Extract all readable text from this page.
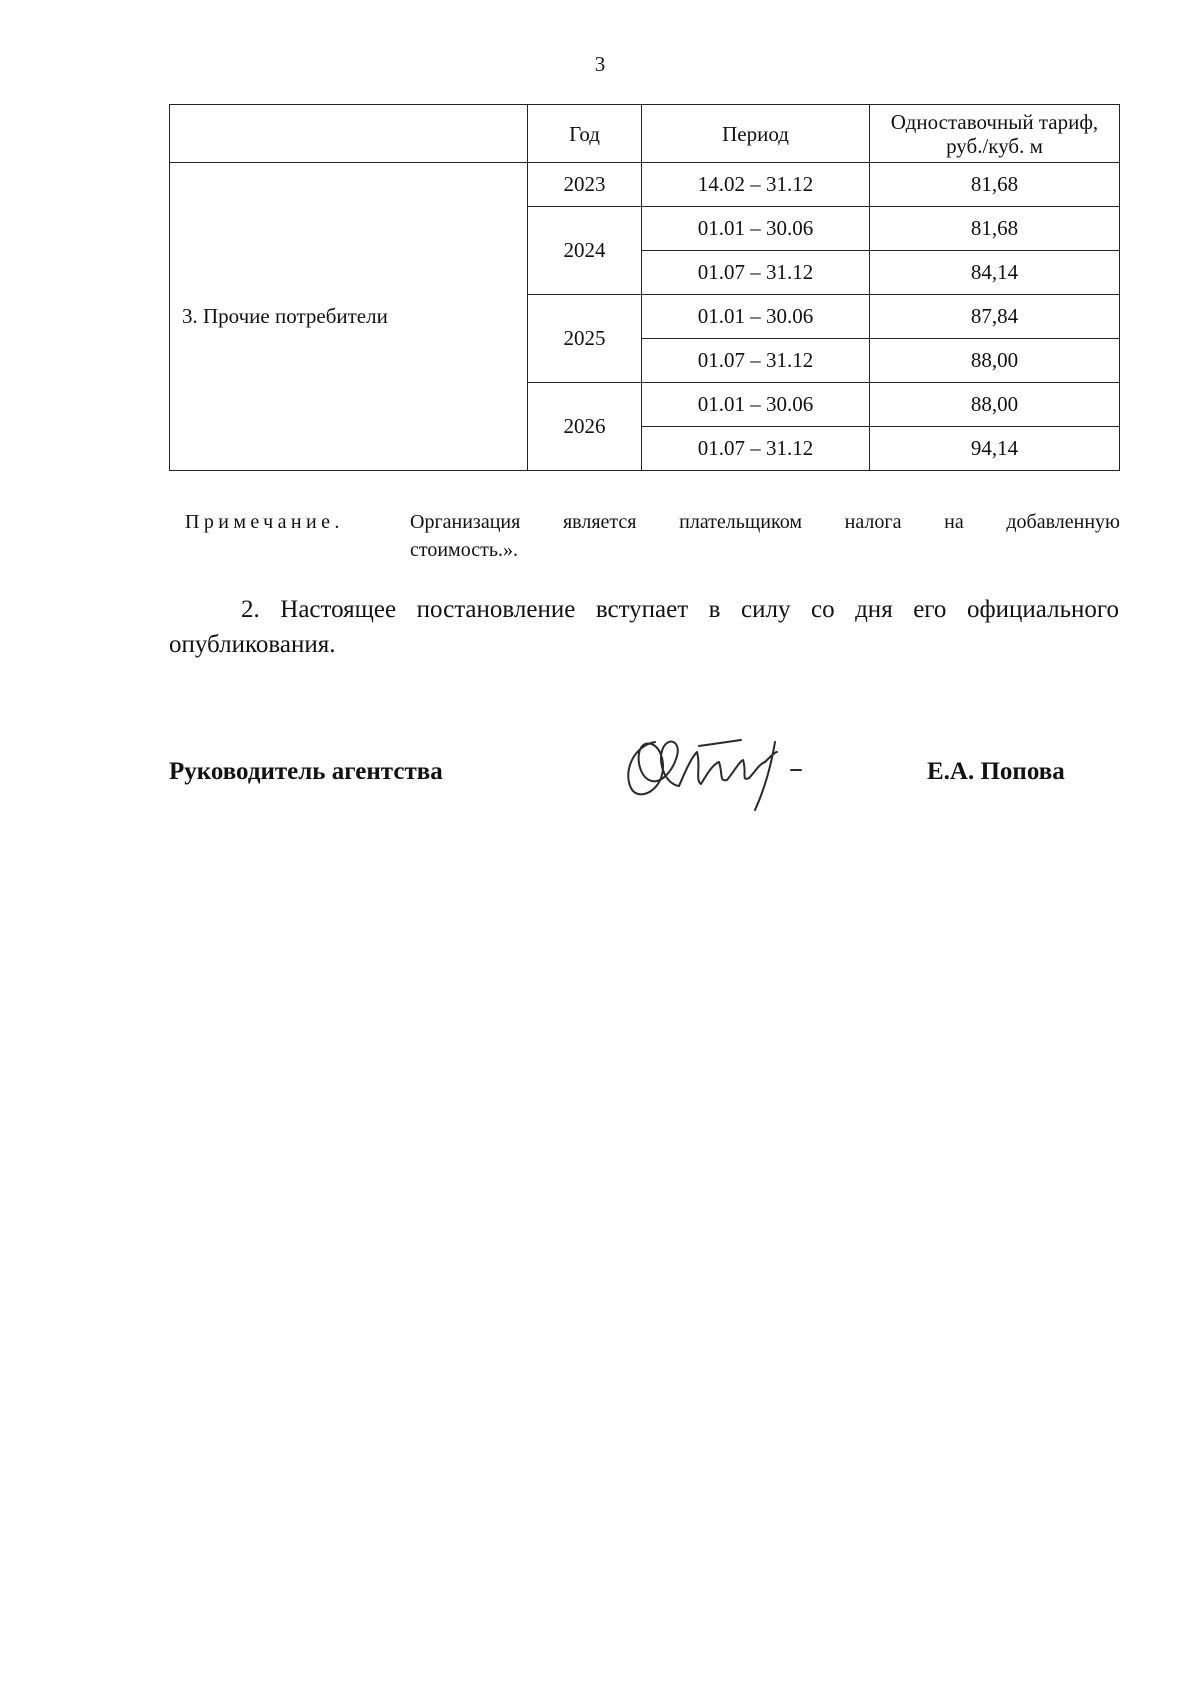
3
	Год	Период	Одноставочный тариф, руб./куб. м
3. Прочие потребители	2023	14.02 – 31.12	81,68
	2024	01.01 – 30.06	81,68
		01.07 – 31.12	84,14
	2025	01.01 – 30.06	87,84
		01.07 – 31.12	88,00
	2026	01.01 – 30.06	88,00
		01.07 – 31.12	94,14
Примечание.	Организация является плательщиком налога на добавленную
стоимость.».
2. Настоящее постановление вступает в силу со дня его официального
опубликования.
Руководитель агентства	Е.А. Попова
